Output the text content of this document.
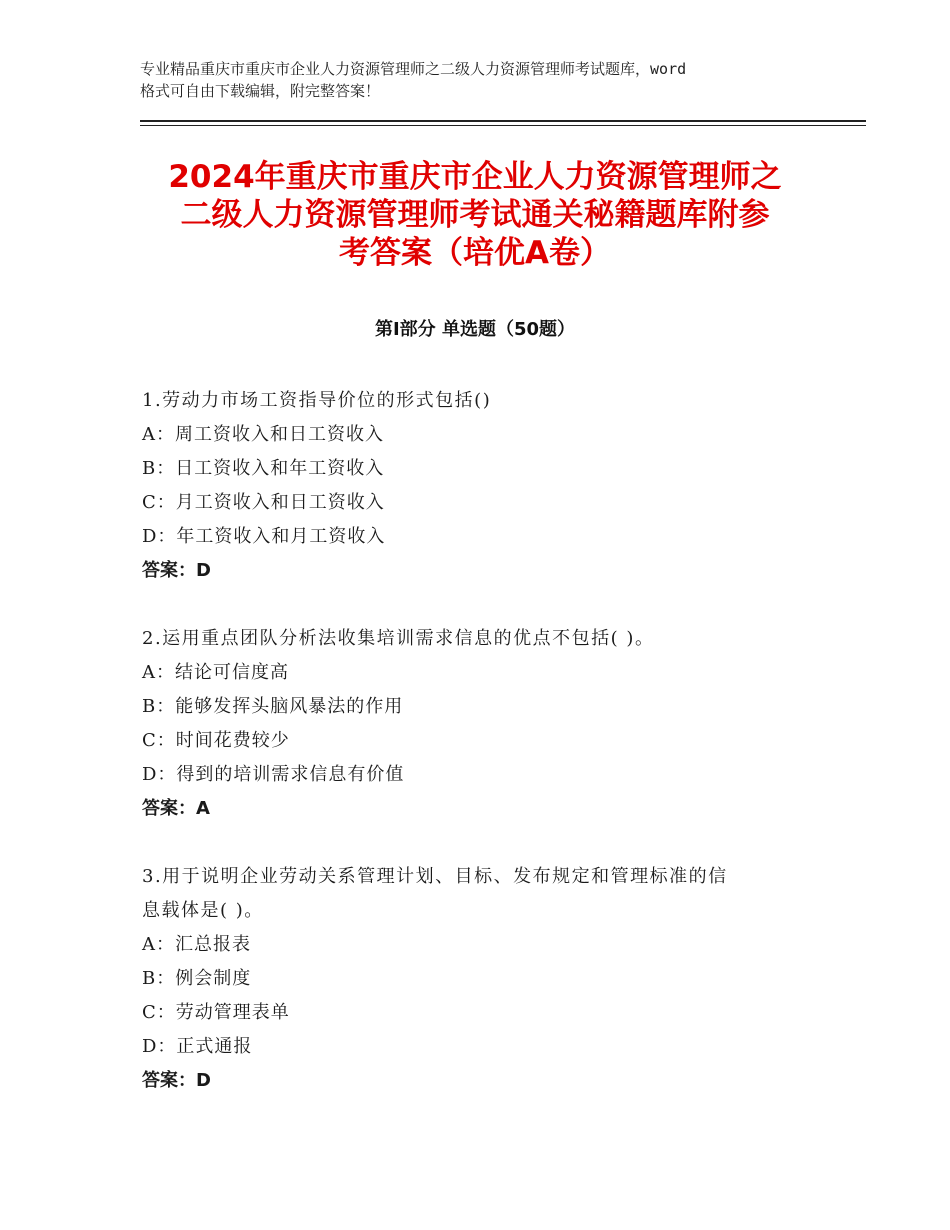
专业精品重庆市重庆市企业人力资源管理师之二级人力资源管理师考试题库，word
格式可自由下载编辑，附完整答案！
2024年重庆市重庆市企业人力资源管理师之
二级人力资源管理师考试通关秘籍题库附参
考答案（培优A卷）
第Ⅰ部分 单选题（50题）
1.劳动力市场工资指导价位的形式包括()
A：周工资收入和日工资收入
B：日工资收入和年工资收入
C：月工资收入和日工资收入
D：年工资收入和月工资收入
答案：D
2.运用重点团队分析法收集培训需求信息的优点不包括( )。
A：结论可信度高
B：能够发挥头脑风暴法的作用
C：时间花费较少
D：得到的培训需求信息有价值
答案：A
3.用于说明企业劳动关系管理计划、目标、发布规定和管理标准的信
息载体是( )。
A：汇总报表
B：例会制度
C：劳动管理表单
D：正式通报
答案：D
